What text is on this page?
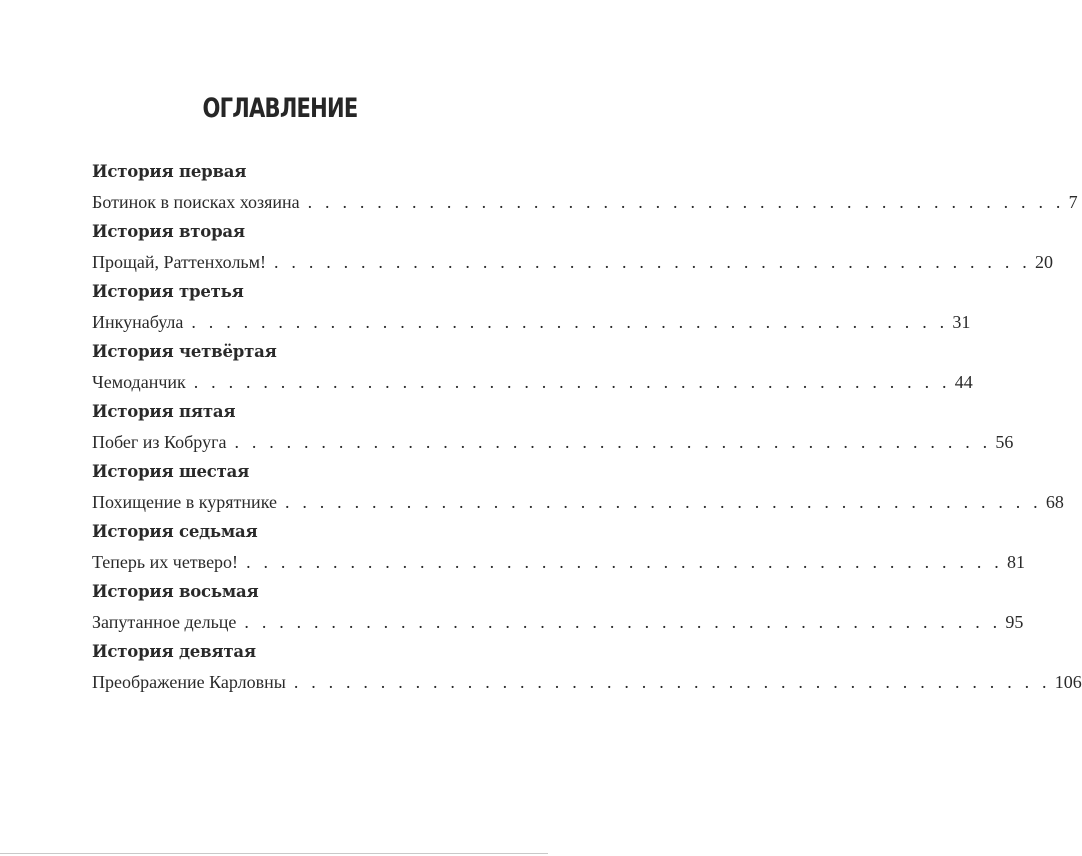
ОГЛАВЛЕНИЕ
История первая
Ботинок в поисках хозяина . . . . . . . . . . . . . . . . . . . . . . . . . . . . . . . . . . . . . . . . . . . . 7
История вторая
Прощай, Раттенхольм! . . . . . . . . . . . . . . . . . . . . . . . . . . . . . . . . . . . . . . . . . . . . 20
История третья
Инкунабула . . . . . . . . . . . . . . . . . . . . . . . . . . . . . . . . . . . . . . . . . . . . 31
История четвёртая
Чемоданчик . . . . . . . . . . . . . . . . . . . . . . . . . . . . . . . . . . . . . . . . . . . . 44
История пятая
Побег из Кобруга . . . . . . . . . . . . . . . . . . . . . . . . . . . . . . . . . . . . . . . . . . . . 56
История шестая
Похищение в курятнике . . . . . . . . . . . . . . . . . . . . . . . . . . . . . . . . . . . . . . . . . . . . 68
История седьмая
Теперь их четверо! . . . . . . . . . . . . . . . . . . . . . . . . . . . . . . . . . . . . . . . . . . . . 81
История восьмая
Запутанное дельце . . . . . . . . . . . . . . . . . . . . . . . . . . . . . . . . . . . . . . . . . . . . 95
История девятая
Преображение Карловны . . . . . . . . . . . . . . . . . . . . . . . . . . . . . . . . . . . . . . . . . . . . 106
